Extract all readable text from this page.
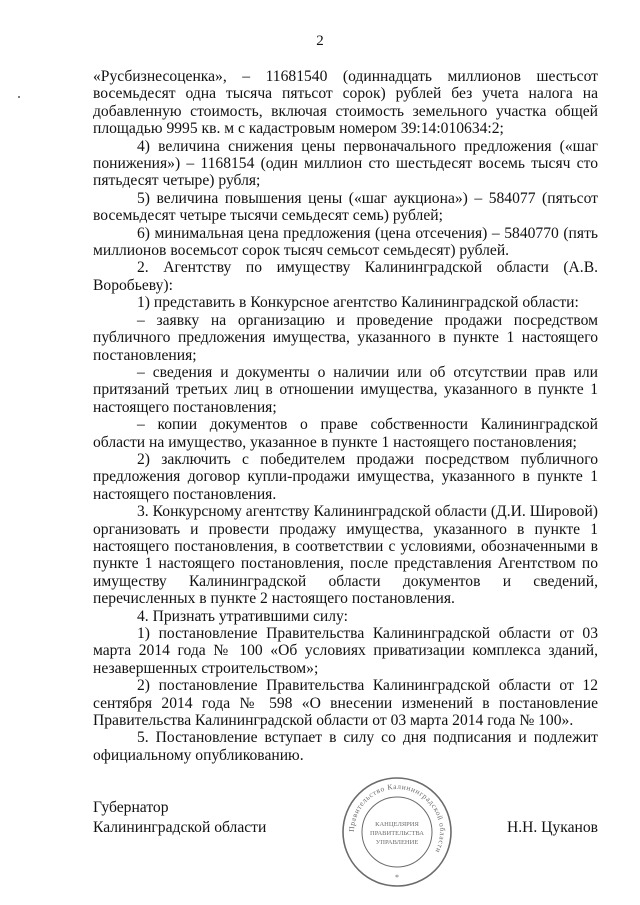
2

«Русбизнесоценка», – 11681540 (одиннадцать миллионов шестьсот восемьдесят одна тысяча пятьсот сорок) рублей без учета налога на добавленную стоимость, включая стоимость земельного участка общей площадью 9995 кв. м с кадастровым номером 39:14:010634:2;

4) величина снижения цены первоначального предложения («шаг понижения») – 1168154 (один миллион сто шестьдесят восемь тысяч сто пятьдесят четыре) рубля;

5) величина повышения цены («шаг аукциона») – 584077 (пятьсот восемьдесят четыре тысячи семьдесят семь) рублей;

6) минимальная цена предложения (цена отсечения) – 5840770 (пять миллионов восемьсот сорок тысяч семьсот семьдесят) рублей.

2. Агентству по имуществу Калининградской области (А.В. Воробьеву):

1) представить в Конкурсное агентство Калининградской области:

– заявку на организацию и проведение продажи посредством публичного предложения имущества, указанного в пункте 1 настоящего постановления;

– сведения и документы о наличии или об отсутствии прав или притязаний третьих лиц в отношении имущества, указанного в пункте 1 настоящего постановления;

– копии документов о праве собственности Калининградской области на имущество, указанное в пункте 1 настоящего постановления;

2) заключить с победителем продажи посредством публичного предложения договор купли-продажи имущества, указанного в пункте 1 настоящего постановления.

3. Конкурсному агентству Калининградской области (Д.И. Шировой) организовать и провести продажу имущества, указанного в пункте 1 настоящего постановления, в соответствии с условиями, обозначенными в пункте 1 настоящего постановления, после представления Агентством по имуществу Калининградской области документов и сведений, перечисленных в пункте 2 настоящего постановления.

4. Признать утратившими силу:

1) постановление Правительства Калининградской области от 03 марта 2014 года № 100 «Об условиях приватизации комплекса зданий, незавершенных строительством»;

2) постановление Правительства Калининградской области от 12 сентября 2014 года № 598 «О внесении изменений в постановление Правительства Калининградской области от 03 марта 2014 года № 100».

5. Постановление вступает в силу со дня подписания и подлежит официальному опубликованию.

Губернатор
Калининградской области	Правительство Калининградской области
КАНЦЕЛЯРИЯ
ПРАВИТЕЛЬСТВА
УПРАВЛЕНИЕ
*
Н.Н. Цуканов
